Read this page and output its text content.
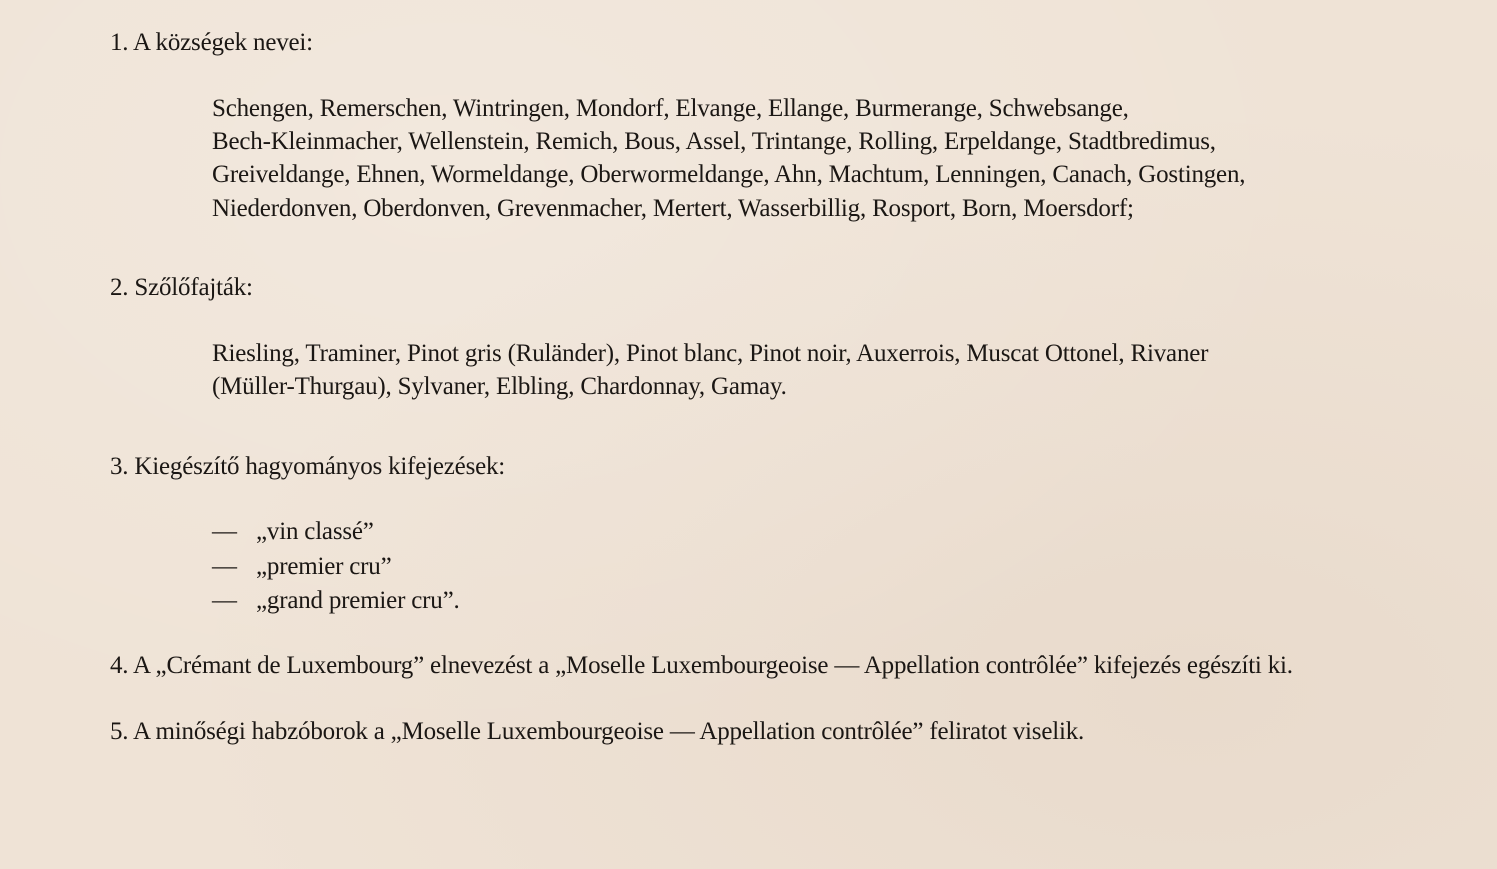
1. A községek nevei:
Schengen, Remerschen, Wintringen, Mondorf, Elvange, Ellange, Burmerange, Schwebsange,
Bech-Kleinmacher, Wellenstein, Remich, Bous, Assel, Trintange, Rolling, Erpeldange, Stadtbredimus,
Greiveldange, Ehnen, Wormeldange, Oberwormeldange, Ahn, Machtum, Lenningen, Canach, Gostingen,
Niederdonven, Oberdonven, Grevenmacher, Mertert, Wasserbillig, Rosport, Born, Moersdorf;
2. Szőlőfajták:
Riesling, Traminer, Pinot gris (Ruländer), Pinot blanc, Pinot noir, Auxerrois, Muscat Ottonel, Rivaner
(Müller-Thurgau), Sylvaner, Elbling, Chardonnay, Gamay.
3. Kiegészítő hagyományos kifejezések:
— „vin classé”
— „premier cru”
— „grand premier cru”.
4. A „Crémant de Luxembourg” elnevezést a „Moselle Luxembourgeoise — Appellation contrôlée” kifejezés egészíti ki.
5. A minőségi habzóborok a „Moselle Luxembourgeoise — Appellation contrôlée” feliratot viselik.
